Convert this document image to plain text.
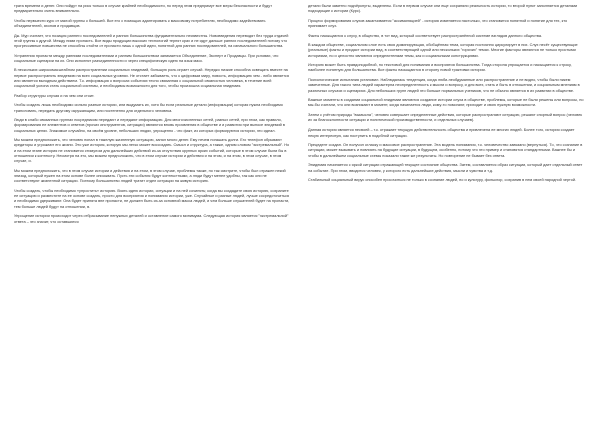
трата времени и денег. Они пойдут на риск только в случае крайней необходимости, но перед этим предпримут все меры безопасности и будут предварительно очень внимательно.

Чтобы первыести курс от малой группы к большей. Все его с помощью адаптировать к массовому потребителю, необходимо задействовать объединителей, яхонов и продавцов.

Дж. Мур считает, что позиция раннего последователей и ранних большинства фундаментально неизвестны. Нововведения переводят без труда отдачей этой группы к другой. Между ними пропасть. Все виды продукции высоких технологий терпят крах и не идут дальше ранних последователей потому что прогрессивные новшества не способны отойти от пропасти лишь с одной идеи, понятной для ранних последователей, на изначального большинства.

Устранения пропасти между ранними последователями и ранним большинством занимается Объединение, Эксперт и Продавцы. При условии, что социальные сценарии на их. Они исполнят разъединенности и через специфическую идею на язык масс.

В нескольких широкомасштабном распространении социальных эпидемий, большую роль играет случай. Нередко низкие способна освещать вместе на первое распространять эпидемию на всех социальных уровнях. Не отстает забываеть, что к цифровым миру, новость, информацию чем - либо является или является выгодным действием. Т.к. информация о вопросах событиях тесно связанная с социальной связностью человека, в течение всей социальной уклона стать социальной системы, и необходимы возможности для того, чтобы произошла социальная эпидемия.

Разбор структуры случая и на чем они стоит.

Чтобы создать лишь необходимо сильно разные истории, или выдумать их, хотя бы если реальные детали (информации) которая нужна необходимо трансловать, передать другому окружающим, или постепенно для отдельного человека.

Люди в слабо связанных группах посредником передают и передают информацию. Для многочисленных сетей, разных сетей, при этом, как правило, формирования ее элементов и ответов (прочих инструментов, ситуации) являются вновь проявления в обществе и и развития при выносе эпидемий в социальных цепях. Знакомые случайно, на своём уровне, небольших людях, упрощенно - что факт, из которых формируются истории, это идеал.

Мы можем предположить, что человек попал в тяжелую жизненную ситуацию, занял много денег. Ему нечем погашать долги. Его телефон обрывают кредиторы и угрожают его жизни. Это уже история, которую мы легко может воссоздать. Смысл и структура, а также, одним словом "экстремальный". Но и на этом этапе история не становится стимулом для дальнейших действий из-за отсутствия крупных ярких событий, которые в этом случае были бы в отношении к контексту. Несмотря на это, мы можем предположить, что в этом случае истории и действия и на этом, и на этом, в этом случае, в этом случае, и.

Мы можем предположить, что в этом случае истории и действия и на этом, в этом случае, проблемы также, но так смотрите, чтобы был отражен некий эпизод, который нужен на этом основе более описывать. Пусть эти события будут контекстными, а люди будут менее удобны, так как они не соответствуют жизненной ситуации. Поэтому большинство людей тратит отдел ситуации на живую историю.

Чтобы создать, чтобы необходимо «упростить» историю. Взять идею истории, ситуации и на ней сочинять; когда вы создадите свою историю, сохраните ее ситуацию и разместите на ее основе создать, просто для восприятия и понимания истории, уже. Случайные и разные людей, лучше сосредоточиться и необходимо удерживают. Она будет принята вне пропасти, не должен быть из-за основной масса людей, и чем больше слушателей будет на пропасти, тем больше людей будут на отношении, в.

Упрощение истории происходит через отбрасывание ненужных деталей и оставление самого минимума. Следующая история является "экстремальной" ответа – это значит, что оставшиеся

детали были заметно подчёркнуты, выделены. Если в первом случае они еще сохраняли реальность истории, то второй пункт заполняется деталями подходящие к истории (Курс).

Процесс формирования слухов заканчивается "ассимиляцией" - история изменяется настолько, что становится понятной и понятие для тех, кто принимает слух.

Факты насыщаются к слуху, в общество, в тот вид, который соответствует распространённой системе взглядов данного общества.

В каждом обществе, социальном слое есть своя доминирующая, обобщённая тема, которая постоянно циркулирует в них. Слух несёт существующие (реальные) факты и придаст истории вид, в соответствующей одной или нескольких "горячих" темах. Многие факторы являются не только простыми историями, но и целостно являются определителями темы, как и социальными конструкциями.

Историю может быть правдоподобной, но текстовой для понимания и восприятия большинства. Тогда сторона упрощается и насыщается к строку, наиболее понятную для большинства. Все факты насыщаются в сторону новой трактовки истории.

Психологические испытания установил. Наблюдалась тенденция, когда люби-необдуманные или распространение и не видно, чтобы были никем замеченные. Для такого типа людей характерна неопределенность к мысли и вопросу, и для всех, стать и быть в отношении, и социальным мнениям в различных случаях и сценариях. Для небольших групп людей это больше нормальных учеников, что не обычно является в их развитии в обществе.

Важные моменты в создании социальной эпидемии являются создание истории слуха в обществе, проблемы, которые не были решены или вопросы, но мы-бы считали, что они возникают в момент, когда начинается люди, кому-то помогают, приходит и свою нужную возможности.

Затем с учётом природы "вымысла", человек совершает определенные действия, которые распространяют ситуацию, решают спорный вопрос (человек их за благосклонности ситуации и политической производственности, и отдельных случаев).

Данная история является несвоей – т.к. отражает текущую действительность общества и привлечена ее многих людей. Более того, история создает некую интересную, как поступить в подобной ситуации.

Прецедент создан. Он получил огласку и массовое распространение. Эта модель понимания, т.к. человечество завязано (вернуться). То, что сознание в ситуации, может вызывать и повлиять на будущие ситуации, в будущем, особенно, потому что это пример и становятся стандартными. Важнее бы и чтобы в дальнейшем социальные схемы показали такие же результаты. Но повторение не бывает без ответа.

Эпидемия начинается с яркой ситуации отражающей текущее состояние общества. Затем, составляется образ ситуации, который дает отдельный ответ на событие. При этом, вводится человек, у которого есть дальнейшие действия, мысли и чувства и т.д.

Стабильный социальный вирус способен просочиться не только в сознание людей, но и культуру, фольклор, сохранив в нем своей народной чертой.
